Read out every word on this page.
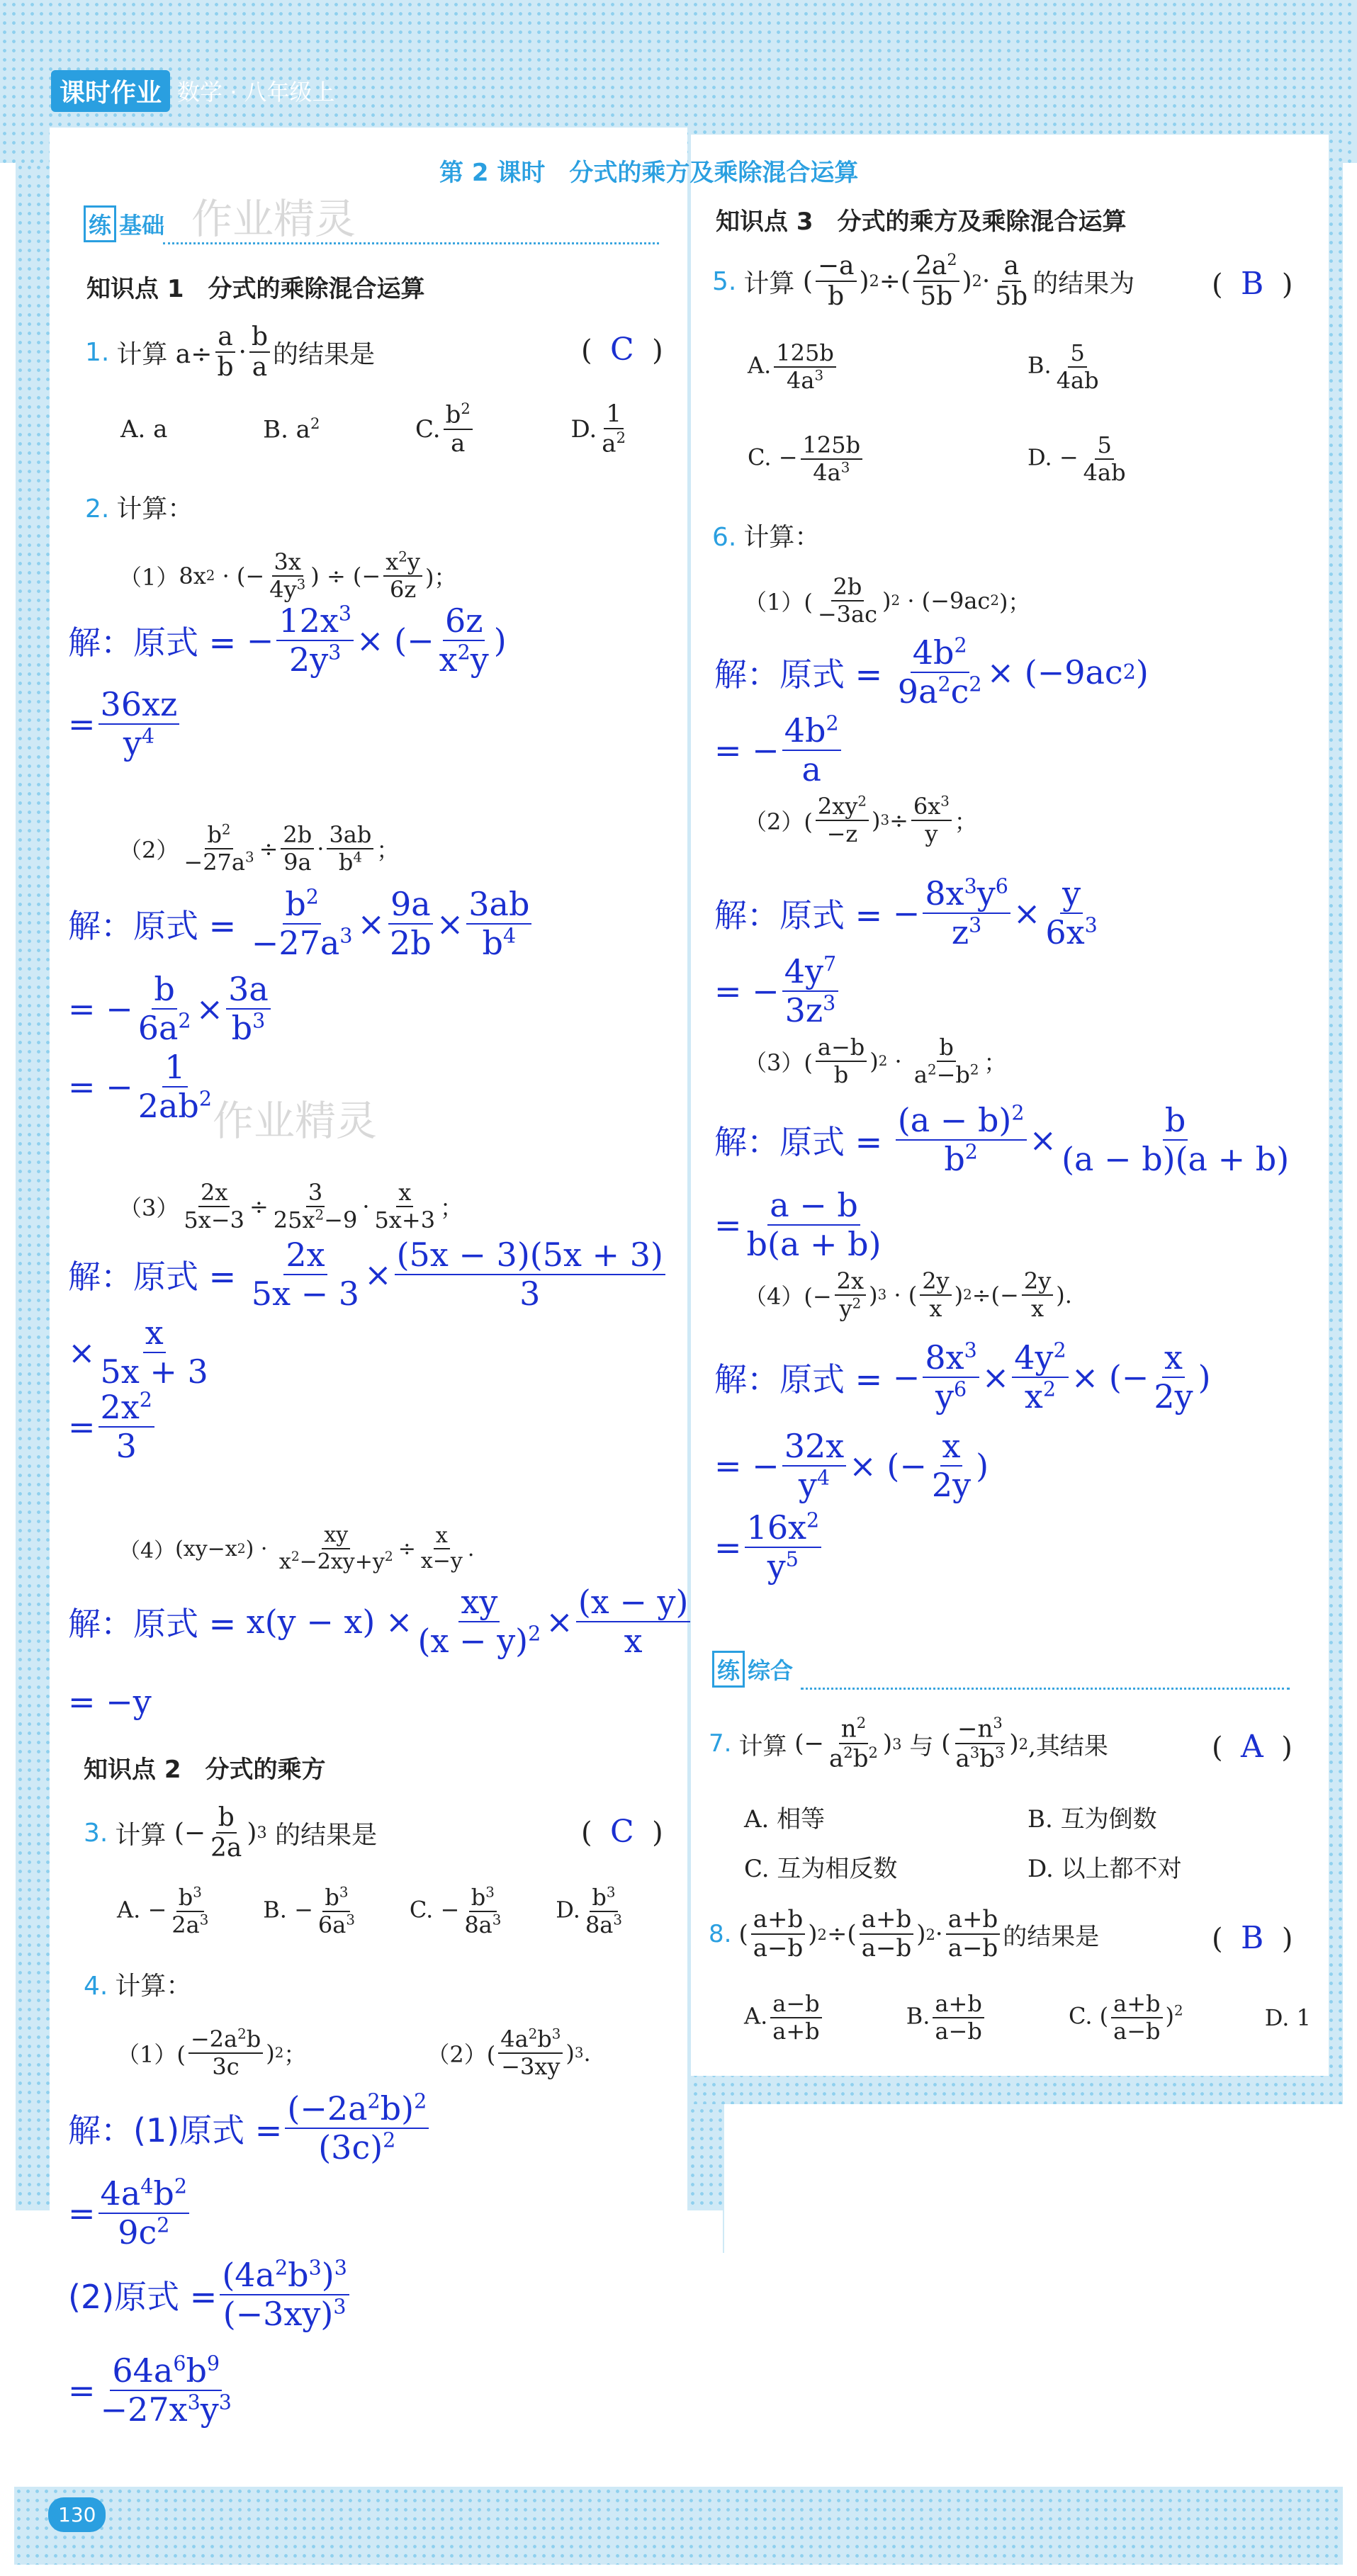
课时作业 数学 · 八年级上
第 2 课时　分式的乘方及乘除混合运算
练 基础 作业精灵
知识点 1　分式的乘除混合运算
1. 计算 $a\div \frac{a}{b} \cdot \frac{b}{a}$ 的结果是	(  C  )
A. a	B. $a^2$	C. $\frac{b^2}{a}$	D. $\frac{1}{a^2}$
2. 计算：
（1） 8x 2 · (− $\frac{3x}{4y^3}$ ) ÷ (− $\frac{x^2y}{6z}$ )；
解：原式 = − $\frac{12x^3}{2y^3}$ × (− $\frac{6z}{x^2y}$ )
= $\frac{36xz}{y^4}$
$(2) \frac{b^2}{-27a^3} \div \frac{2b}{9a} \cdot \frac{3ab}{b^4}$ ；
解：原式 =
$\frac{b^2}{-27a^3} \times \frac{9a}{2b} \times \frac{3ab}{b^4}$
= − $\frac{b}{6a^2} \times \frac{3a}{b^3}$
= − $\frac{1}{2ab^2}$
作业精灵
$(3) \frac{2x}{5x-3} \div \frac{3}{25x^2-9} \cdot \frac{x}{5x+3}$ ；
解：原式 =
$\frac{2x}{5x - 3} \times \frac{(5x - 3)(5x + 3)}{3}$
× $\frac{x}{5x + 3}$
= $\frac{2x^2}{3}$
（4） (xy−x 2 ) · $\frac{xy}{x^2-2xy+y^2} \div \frac{x}{x-y}$ .
解：原式 = $x(y - x) \times \frac{xy}{(x - y)^2} \times \frac{(x - y)}{x}$
= −y
知识点 2　分式的乘方
3. 计算 (− $\frac{b}{2a}$ ) 3
的结果是	(  C  )
A. − $\frac{b^3}{2a^3} B$. − $\frac{b^3}{6a^3} C$. − $\frac{b^3}{8a^3} D$. $\frac{b^3}{8a^3}$
4. 计算：
$(1)( \frac{-2a^2b}{3c}$ ) 2 ；	$(2)( \frac{4a^2b^3}{-3xy}$ ) 3 .
解： (1)原式 = $\frac{(-2a^2b)^2}{(3c)^2}$
= $\frac{4a^4b^2}{9c^2}$
(2)原式 = $\frac{(4a^2b^3)^3}{(-3xy)^3}$
= $\frac{64a^6b^9}{-27x^3y^3}$
知识点 3　分式的乘方及乘除混合运算
5. 计算 ( $\frac{-a}{b}$ ) 2 ÷( $\frac{2a^2}{5b}$ ) $2 \cdot \frac{a}{5b}$ 的结果为	(  B  )
A. $\frac{125b}{4a^3}$	B. $\frac{5}{4ab}$
C. − $\frac{125b}{4a^3}$	D. − $\frac{5}{4ab}$
6. 计算：
$(1)( \frac{2b}{-3ac}$ ) 2 · (−9ac 2 )；
解：原式 =
$\frac{4b^2}{9a^2c^2} \times (-9ac$ 2 )
= − $\frac{4b^2}{a}$
$(2)( \frac{2xy^2}{-z}$ ) $3 \div \frac{6x^3}{y}$ ；
解：原式 = − $\frac{8x^3y^6}{z^3} \times \frac{y}{6x^3}$
= − $\frac{4y^7}{3z^3}$
$(3)( \frac{a-b}{b}$ ) $2 \cdot \frac{b}{a^2-b^2}$ ；
解：原式 =
$\frac{(a - b)^2}{b^2} \times \frac{b}{(a - b)(a + b)}$
= $\frac{a - b}{b(a + b)}$
$(4)(- \frac{2x}{y^2}$ ) 3 · ( $\frac{2y}{x}$ ) 2 ÷(− $\frac{2y}{x}$ ).
解：原式 = − $\frac{8x^3}{y^6} \times \frac{4y^2}{x^2}$ × (− $\frac{x}{2y}$ )
= − $\frac{32x}{y^4}$ × (− $\frac{x}{2y}$ )
= $\frac{16x^2}{y^5}$
练 综合
7. 计算 (− $\frac{n^2}{a^2b^2}$ ) 3
与 ( $\frac{-n^3}{a^3b^3}$ ) 2 ,其结果	(  A  )
A. 相等	B. 互为倒数
C. 互为相反数	D. 以上都不对
8. ( $\frac{a+b}{a-b}$ ) 2 ÷( $\frac{a+b}{a-b}$ ) $2 \cdot \frac{a+b}{a-b}$ 的结果是	(  B  )
A. $\frac{a-b}{a+b}$	B. $\frac{a+b}{a-b}$	C. ( $\frac{a+b}{a-b} )^2$	D. 1
130
